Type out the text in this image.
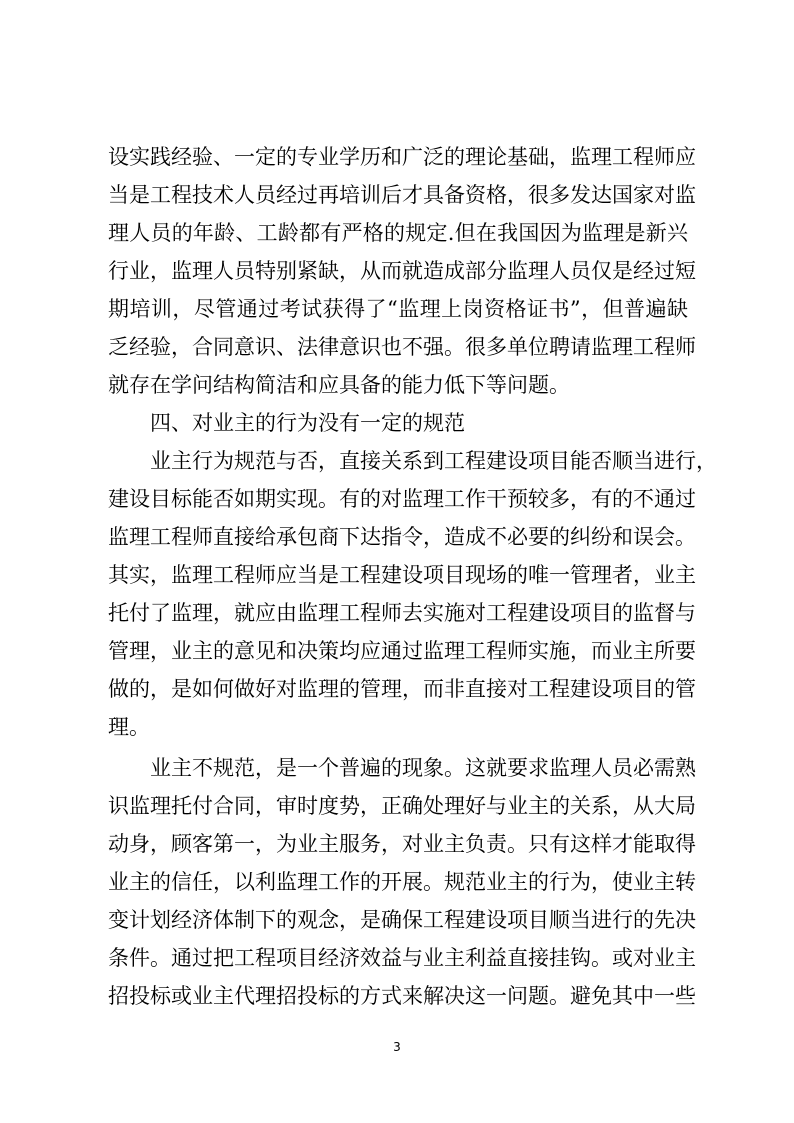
设实践经验、一定的专业学历和广泛的理论基础，监理工程师应
当是工程技术人员经过再培训后才具备资格，很多发达国家对监
理人员的年龄、工龄都有严格的规定.但在我国因为监理是新兴
行业，监理人员特别紧缺，从而就造成部分监理人员仅是经过短
期培训，尽管通过考试获得了“监理上岗资格证书”，但普遍缺
乏经验，合同意识、法律意识也不强。很多单位聘请监理工程师
就存在学问结构简洁和应具备的能力低下等问题。
四、对业主的行为没有一定的规范
业主行为规范与否，直接关系到工程建设项目能否顺当进行，
建设目标能否如期实现。有的对监理工作干预较多，有的不通过
监理工程师直接给承包商下达指令，造成不必要的纠纷和误会。
其实，监理工程师应当是工程建设项目现场的唯一管理者，业主
托付了监理，就应由监理工程师去实施对工程建设项目的监督与
管理，业主的意见和决策均应通过监理工程师实施，而业主所要
做的，是如何做好对监理的管理，而非直接对工程建设项目的管
理。
业主不规范，是一个普遍的现象。这就要求监理人员必需熟
识监理托付合同，审时度势，正确处理好与业主的关系，从大局
动身，顾客第一，为业主服务，对业主负责。只有这样才能取得
业主的信任，以利监理工作的开展。规范业主的行为，使业主转
变计划经济体制下的观念，是确保工程建设项目顺当进行的先决
条件。通过把工程项目经济效益与业主利益直接挂钩。或对业主
招投标或业主代理招投标的方式来解决这一问题。避免其中一些
3
